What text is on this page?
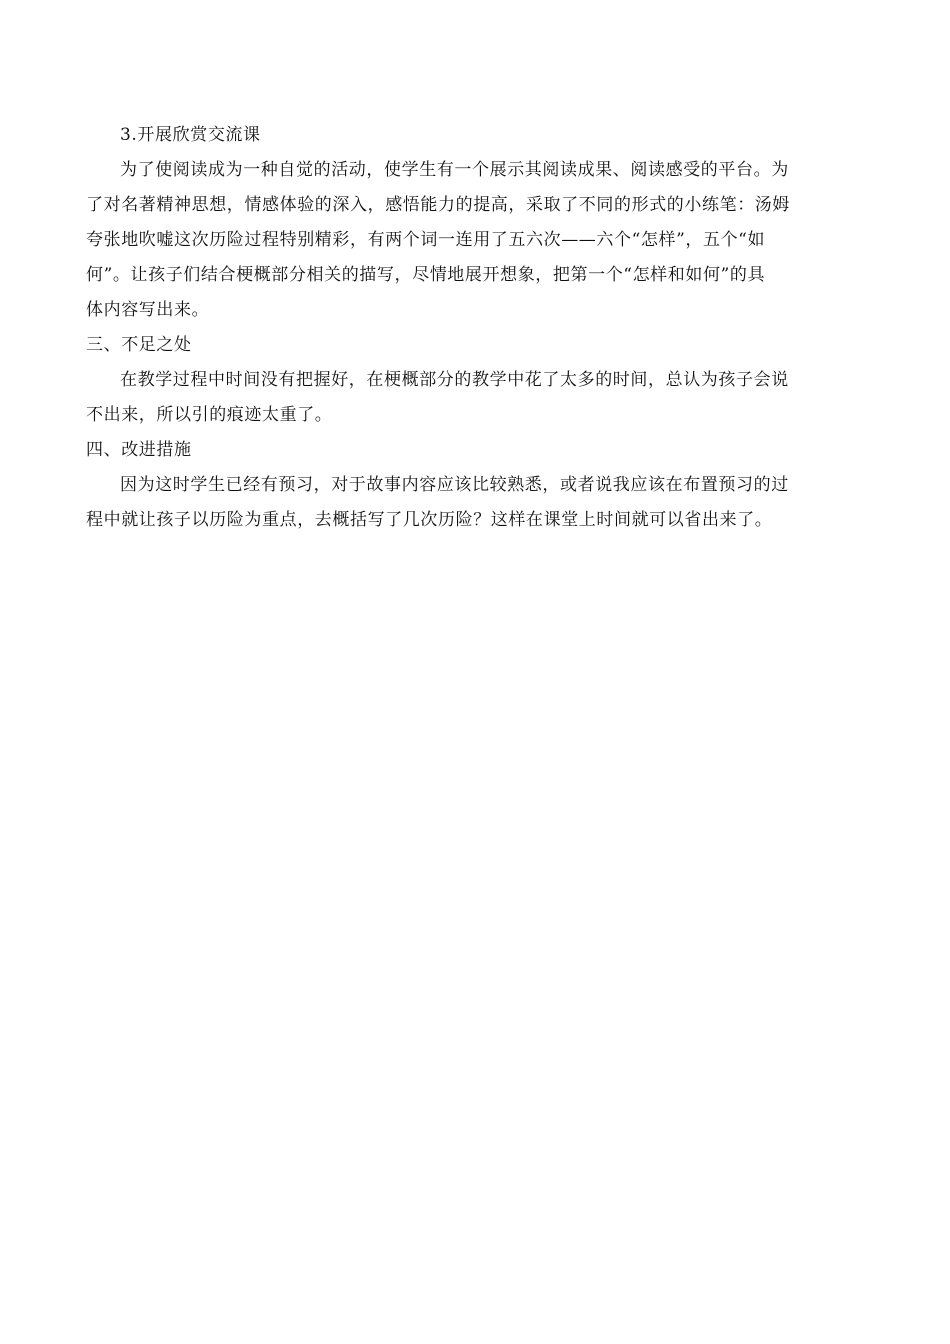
3.开展欣赏交流课
为了使阅读成为一种自觉的活动，使学生有一个展示其阅读成果、阅读感受的平台。为
了对名著精神思想，情感体验的深入，感悟能力的提高，采取了不同的形式的小练笔：汤姆
夸张地吹嘘这次历险过程特别精彩，有两个词一连用了五六次——六个“怎样”，五个“如
何”。让孩子们结合梗概部分相关的描写，尽情地展开想象，把第一个“怎样和如何”的具
体内容写出来。
三、不足之处
在教学过程中时间没有把握好，在梗概部分的教学中花了太多的时间，总认为孩子会说
不出来，所以引的痕迹太重了。
四、改进措施
因为这时学生已经有预习，对于故事内容应该比较熟悉，或者说我应该在布置预习的过
程中就让孩子以历险为重点，去概括写了几次历险？这样在课堂上时间就可以省出来了。
